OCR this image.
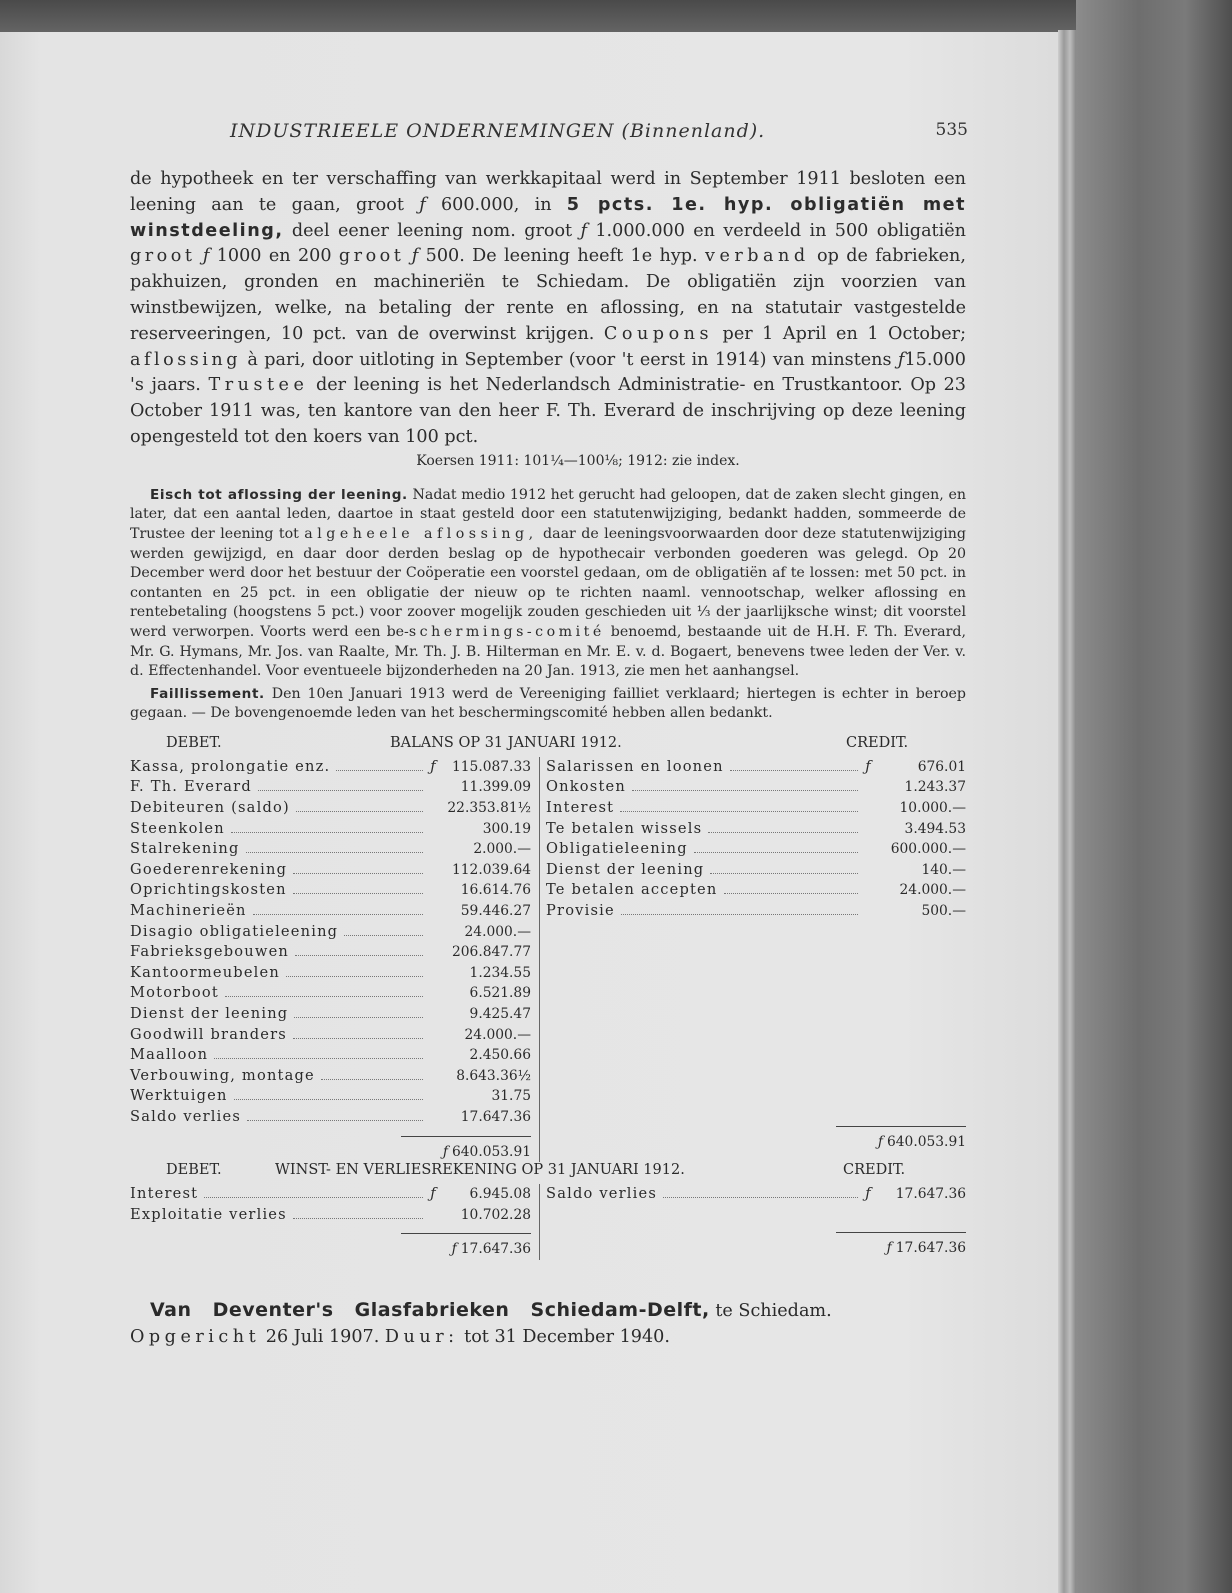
INDUSTRIEELE ONDERNEMINGEN (Binnenland).	535

de hypotheek en ter verschaffing van werkkapitaal werd in September 1911 besloten een leening aan te gaan, groot ƒ 600.000, in 5 pcts. 1e. hyp. obligatiën met winstdeeling, deel eener leening nom. groot ƒ 1.000.000 en verdeeld in 500 obligatiën groot ƒ 1000 en 200 groot ƒ 500. De leening heeft 1e hyp. verband op de fabrieken, pakhuizen, gronden en machineriën te Schiedam. De obligatiën zijn voorzien van winstbewijzen, welke, na betaling der rente en aflossing, en na statutair vastgestelde reserveeringen, 10 pct. van de overwinst krijgen. Coupons per 1 April en 1 October; aflossing à pari, door uitloting in September (voor 't eerst in 1914) van minstens ƒ15.000 's jaars. Trustee der leening is het Nederlandsch Administratie- en Trustkantoor. Op 23 October 1911 was, ten kantore van den heer F. Th. Everard de inschrijving op deze leening opengesteld tot den koers van 100 pct.

Koersen 1911: 101¼—100⅛; 1912: zie index.

Eisch tot aflossing der leening. Nadat medio 1912 het gerucht had geloopen, dat de zaken slecht gingen, en later, dat een aantal leden, daartoe in staat gesteld door een statutenwijziging, bedankt hadden, sommeerde de Trustee der leening tot algeheele aflossing, daar de leeningsvoorwaarden door deze statutenwijziging werden gewijzigd, en daar door derden beslag op de hypothecair verbonden goederen was gelegd. Op 20 December werd door het bestuur der Coöperatie een voorstel gedaan, om de obligatiën af te lossen: met 50 pct. in contanten en 25 pct. in een obligatie der nieuw op te richten naaml. vennootschap, welker aflossing en rentebetaling (hoogstens 5 pct.) voor zoover mogelijk zouden geschieden uit ⅓ der jaarlijksche winst; dit voorstel werd verworpen. Voorts werd een be-schermings-comité benoemd, bestaande uit de H.H. F. Th. Everard, Mr. G. Hymans, Mr. Jos. van Raalte, Mr. Th. J. B. Hilterman en Mr. E. v. d. Bogaert, benevens twee leden der Ver. v. d. Effectenhandel. Voor eventueele bijzonderheden na 20 Jan. 1913, zie men het aanhangsel.

Faillissement. Den 10en Januari 1913 werd de Vereeniging failliet verklaard; hiertegen is echter in beroep gegaan. — De bovengenoemde leden van het beschermingscomité hebben allen bedankt.

DEBET.	BALANS OP 31 JANUARI 1912.	CREDIT.
Kassa, prolongatie enz.	ƒ	115.087.33
F. Th. Everard	11.399.09
Debiteuren (saldo)	22.353.81½
Steenkolen	300.19
Stalrekening	2.000.—
Goederenrekening	112.039.64
Oprichtingskosten	16.614.76
Machinerieën	59.446.27
Disagio obligatieleening	24.000.—
Fabrieksgebouwen	206.847.77
Kantoormeubelen	1.234.55
Motorboot	6.521.89
Dienst der leening	9.425.47
Goodwill branders	24.000.—
Maalloon	2.450.66
Verbouwing, montage	8.643.36½
Werktuigen	31.75
Saldo verlies	17.647.36
ƒ 640.053.91
Salarissen en loonen	ƒ	676.01
Onkosten	1.243.37
Interest	10.000.—
Te betalen wissels	3.494.53
Obligatieleening	600.000.—
Dienst der leening	140.—
Te betalen accepten	24.000.—
Provisie	500.—
ƒ 640.053.91
DEBET.	WINST- EN VERLIESREKENING OP 31 JANUARI 1912.	CREDIT.
Interest	ƒ	6.945.08
Exploitatie verlies	10.702.28
ƒ 17.647.36
Saldo verlies	ƒ	17.647.36
ƒ 17.647.36

Van Deventer's Glasfabrieken Schiedam-Delft, te Schiedam. Opgericht 26 Juli 1907. Duur: tot 31 December 1940.
